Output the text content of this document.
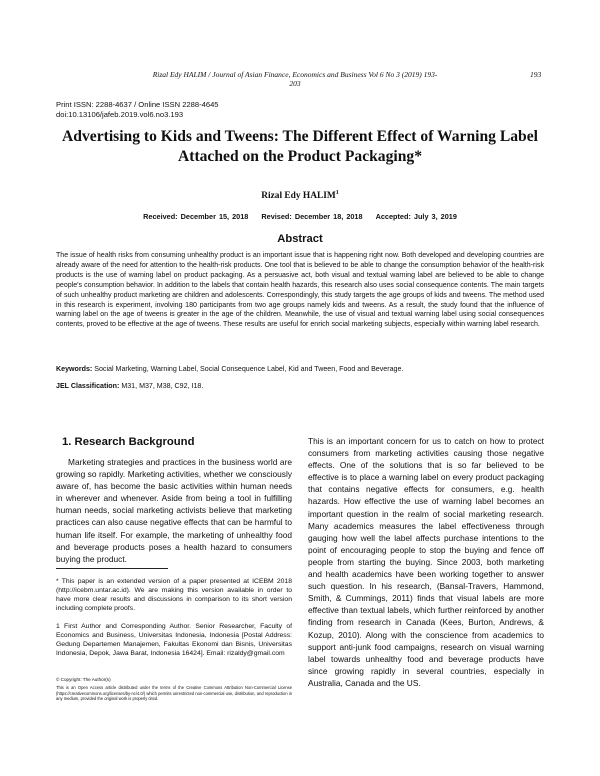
Rizal Edy HALIM / Journal of Asian Finance, Economics and Business Vol 6 No 3 (2019) 193-203
193
Print ISSN: 2288-4637 / Online ISSN 2288-4645
doi:10.13106/jafeb.2019.vol6.no3.193
Advertising to Kids and Tweens: The Different Effect of Warning Label
Attached on the Product Packaging*
Rizal Edy HALIM$^1$
Received: December 15, 2018 Revised: December 18, 2018 Accepted: July 3, 2019
Abstract
The issue of health risks from consuming unhealthy product is an important issue that is happening right now. Both developed and developing countries are already aware of the need for attention to the health-risk products. One tool that is believed to be able to change the consumption behavior of the health-risk products is the use of warning label on product packaging. As a persuasive act, both visual and textual warning label are believed to be able to change people's consumption behavior. In addition to the labels that contain health hazards, this research also uses social consequence contents. The main targets of such unhealthy product marketing are children and adolescents. Correspondingly, this study targets the age groups of kids and tweens. The method used in this research is experiment, involving 180 participants from two age groups namely kids and tweens. As a result, the study found that the influence of warning label on the age of tweens is greater in the age of the children. Meanwhile, the use of visual and textual warning label using social consequences contents, proved to be effective at the age of tweens. These results are useful for enrich social marketing subjects, especially within warning label research.
Keywords: Social Marketing, Warning Label, Social Consequence Label, Kid and Tween, Food and Beverage.
JEL Classification: M31, M37, M38, C92, I18.
1. Research Background
Marketing strategies and practices in the business world are growing so rapidly. Marketing activities, whether we consciously aware of, has become the basic activities within human needs in wherever and whenever. Aside from being a tool in fulfilling human needs, social marketing activists believe that marketing practices can also cause negative effects that can be harmful to human life itself. For example, the marketing of unhealthy food and beverage products poses a health hazard to consumers buying the product.
This is an important concern for us to catch on how to protect consumers from marketing activities causing those negative effects. One of the solutions that is so far believed to be effective is to place a warning label on every product packaging that contains negative effects for consumers, e.g. health hazards. How effective the use of warning label becomes an important question in the realm of social marketing research. Many academics measures the label effectiveness through gauging how well the label affects purchase intentions to the point of encouraging people to stop the buying and fence off people from starting the buying. Since 2003, both marketing and health academics have been working together to answer such question. In his research, (Bansal-Travers, Hammond, Smith, & Cummings, 2011) finds that visual labels are more effective than textual labels, which further reinforced by another finding from research in Canada (Kees, Burton, Andrews, & Kozup, 2010). Along with the conscience from academics to support anti-junk food campaigns, research on visual warning label towards unhealthy food and beverage products have since growing rapidly in several countries, especially in Australia, Canada and the US.
* This paper is an extended version of a paper presented at ICEBM 2018 (http://icebm.untar.ac.id). We are making this version available in order to have more clear results and discussions in comparison to its short version including complete proofs.
1 First Author and Corresponding Author. Senior Researcher, Faculty of Economics and Business, Universitas Indonesia, Indonesia [Postal Address: Gedung Departemen Manajemen, Fakultas Ekonomi dan Bisnis, Universitas Indonesia, Depok, Jawa Barat, Indonesia 16424]. Email: rizaldy@gmail.com
© Copyright: The Author(s)
This is an Open Access article distributed under the terms of the Creative Commons Attribution Non-Commercial License (https://creativecommons.org/licenses/by-nc/4.0/) which permits unrestricted non-commercial use, distribution, and reproduction in any medium, provided the original work is properly cited.
